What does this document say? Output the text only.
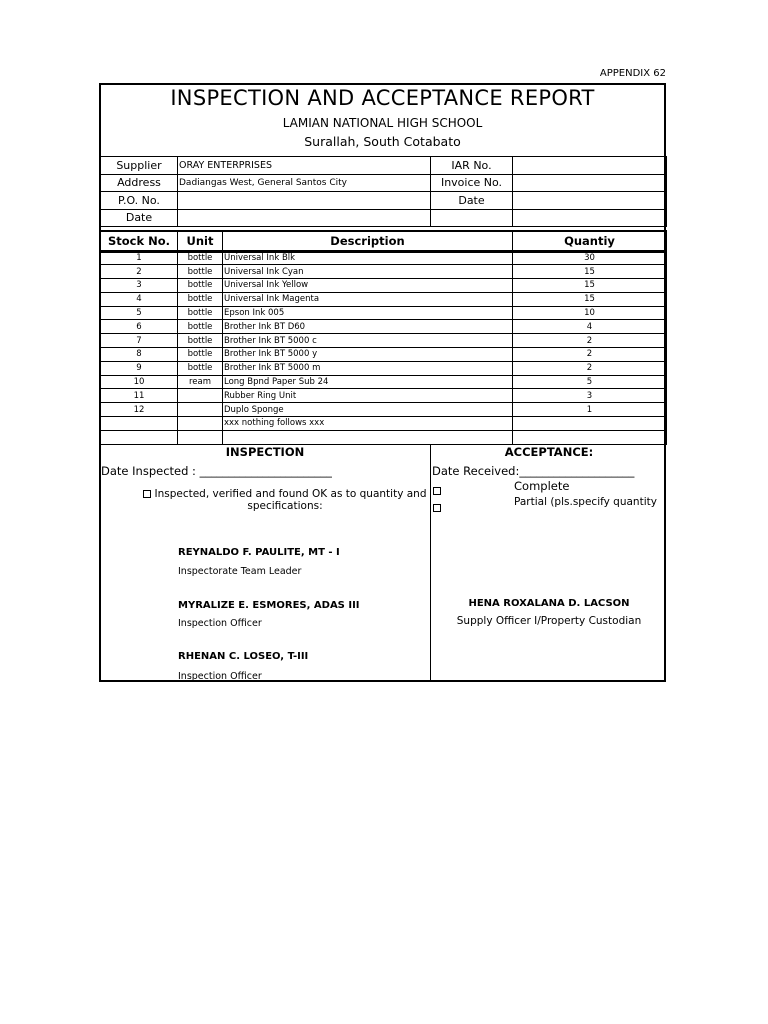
APPENDIX 62
INSPECTION AND ACCEPTANCE REPORT
LAMIAN NATIONAL HIGH SCHOOL
Surallah, South Cotabato
Supplier	ORAY ENTERPRISES	IAR No.	
Address	Dadiangas West, General Santos City	Invoice No.	
P.O. No.		Date	
Date			
Stock No.	Unit	Description	Quantiy
1	bottle	Universal Ink Blk	30
2	bottle	Universal Ink Cyan	15
3	bottle	Universal Ink Yellow	15
4	bottle	Universal Ink Magenta	15
5	bottle	Epson Ink 005	10
6	bottle	Brother Ink BT D60	4
7	bottle	Brother Ink BT 5000 c	2
8	bottle	Brother Ink BT 5000 y	2
9	bottle	Brother Ink BT 5000 m	2
10	ream	Long Bpnd Paper Sub 24	5
11		Rubber Ring Unit	3
12		Duplo Sponge	1
		xxx nothing follows xxx	

INSPECTION
Date Inspected : _______________________
Inspected, verified and found OK as to quantity and
specifications:
REYNALDO F. PAULITE, MT - I
Inspectorate Team Leader
MYRALIZE E. ESMORES, ADAS III
Inspection Officer
RHENAN C. LOSEO, T-III
Inspection Officer
ACCEPTANCE:
Date Received:____________________
Complete
Partial (pls.specify quantity
HENA ROXALANA D. LACSON
Supply Officer I/Property Custodian
